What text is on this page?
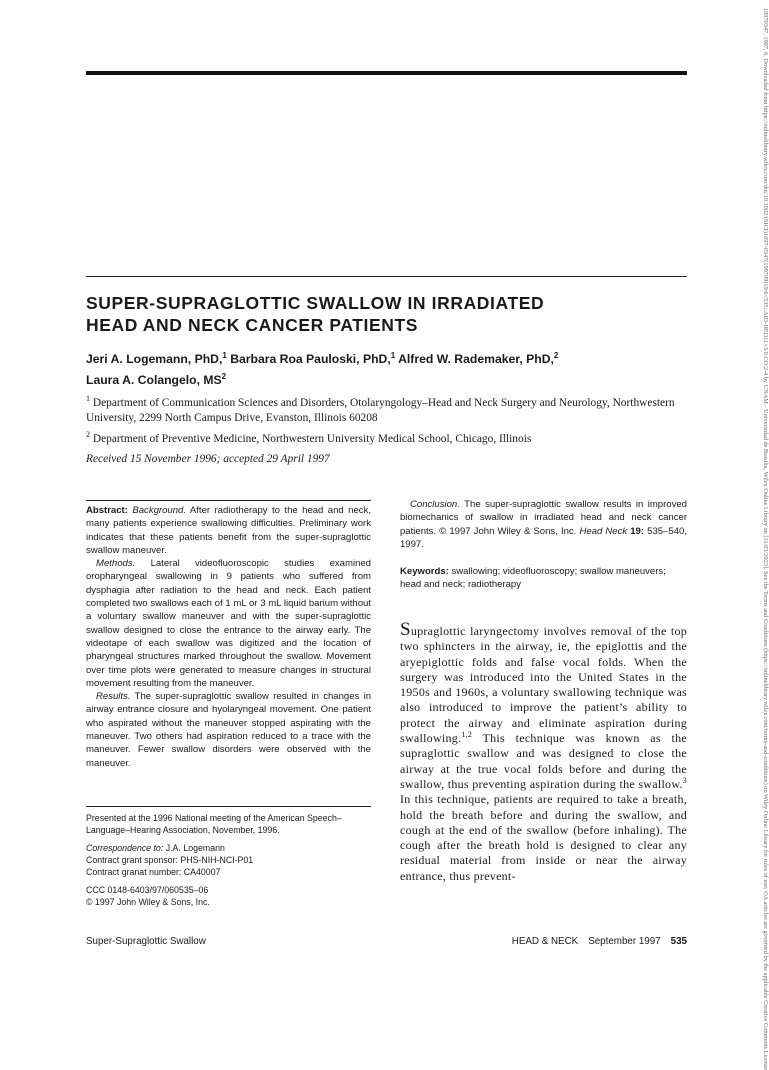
SUPER-SUPRAGLOTTIC SWALLOW IN IRRADIATED
HEAD AND NECK CANCER PATIENTS
Jeri A. Logemann, PhD,$^1$ Barbara Roa Pauloski, PhD,$^1$ Alfred W. Rademaker, PhD,$^2$
Laura A. Colangelo, $MS^2$
$^1$ Department of Communication Sciences and Disorders, Otolaryngology–Head and Neck Surgery and Neurology, Northwestern University, 2299 North Campus Drive, Evanston, Illinois 60208
$^2$ Department of Preventive Medicine, Northwestern University Medical School, Chicago, Illinois
Received 15 November 1996; accepted 29 April 1997

Abstract: Background. After radiotherapy to the head and neck, many patients experience swallowing difficulties. Preliminary work indicates that these patients benefit from the super-supraglottic swallow maneuver.

Methods. Lateral videofluoroscopic studies examined oropharyngeal swallowing in 9 patients who suffered from dysphagia after radiation to the head and neck. Each patient completed two swallows each of 1 mL or 3 mL liquid barium without a voluntary swallow maneuver and with the super-supraglottic swallow designed to close the entrance to the airway early. The videotape of each swallow was digitized and the location of pharyngeal structures marked throughout the swallow. Movement over time plots were generated to measure changes in structural movement resulting from the maneuver.

Results. The super-supraglottic swallow resulted in changes in airway entrance closure and hyolaryngeal movement. One patient who aspirated without the maneuver stopped aspirating with the maneuver. Two others had aspiration reduced to a trace with the maneuver. Fewer swallow disorders were observed with the maneuver.

Presented at the 1996 National meeting of the American Speech–Language–Hearing Association, November, 1996.

Correspondence to: J.A. Logemann
Contract grant sponsor: PHS-NIH-NCI-P01
Contract granat number: CA40007

CCC 0148-6403/97/060535–06
© 1997 John Wiley & Sons, Inc.

Conclusion. The super-supraglottic swallow results in improved biomechanics of swallow in irradiated head and neck cancer patients. © 1997 John Wiley & Sons, Inc. Head Neck 19: 535–540, 1997.

Keywords: swallowing; videofluoroscopy; swallow maneuvers; head and neck; radiotherapy
Supraglottic laryngectomy involves removal of the top two sphincters in the airway, ie, the epiglottis and the aryepiglottic folds and false vocal folds. When the surgery was introduced into the United States in the 1950s and 1960s, a voluntary swallowing technique was also introduced to improve the patient’s ability to protect the airway and eliminate aspiration during swallowing.$^{1,2}$ This technique was known as the supraglottic swallow and was designed to close the airway at the true vocal folds before and during the swallow, thus preventing aspiration during the swallow.$^3$ In this technique, patients are required to take a breath, hold the breath before and during the swallow, and cough at the end of the swallow (before inhaling). The cough after the breath hold is designed to clear any residual material from inside or near the airway entrance, thus prevent-
Super-Supraglottic Swallow	HEAD & NECK September 1997 535	10970347, 1997, 6, Downloaded from https://onlinelibrary.wiley.com/doi/10.1002/(SICI)1097-0347(199709)19:6<535::AID-HED11>3.0.CO;2-4 by UNAM - Universidad de Brasilia, Wiley Online Library on [11/03/2023]. See the Terms and Conditions (https://onlinelibrary.wiley.com/terms-and-conditions) on Wiley Online Library for rules of use; OA articles are governed by the applicable Creative Commons License
